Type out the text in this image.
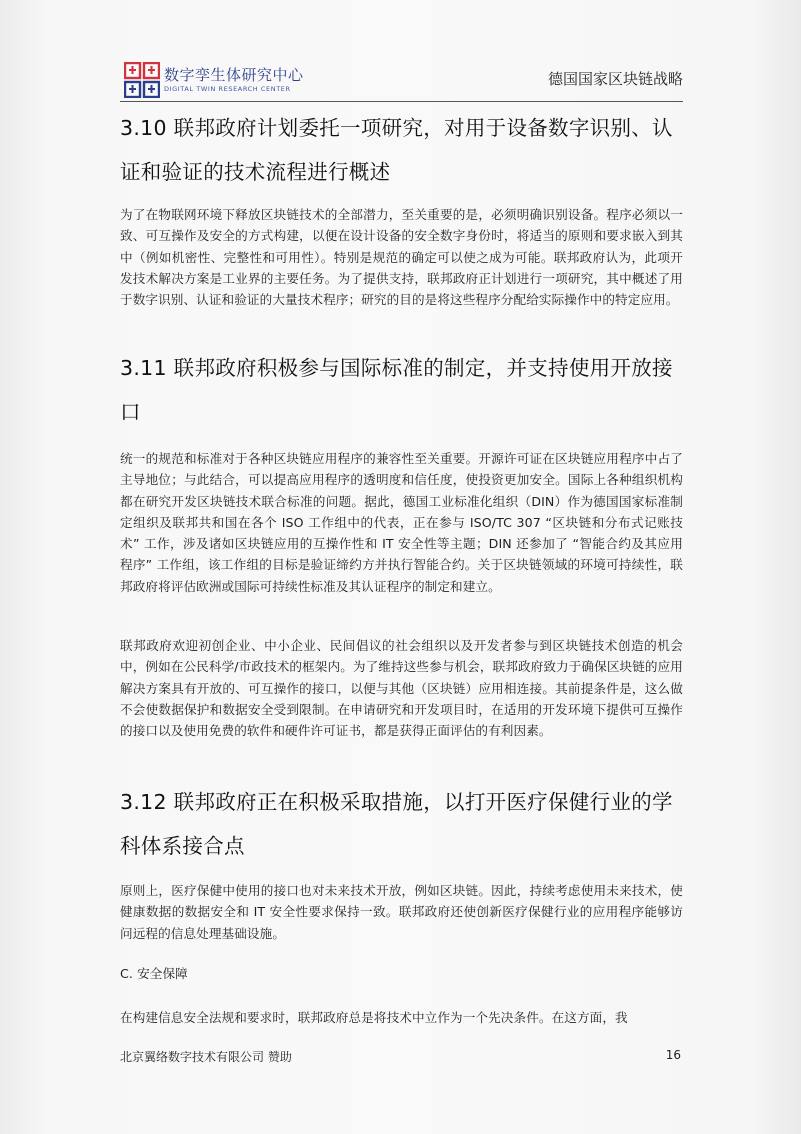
数字孪生体研究中心
DIGITAL TWIN RESEARCH CENTER
德国国家区块链战略
3.10 联邦政府计划委托一项研究，对用于设备数字识别、认证和验证的技术流程进行概述

为了在物联网环境下释放区块链技术的全部潜力，至关重要的是，必须明确识别设备。程序必须以一致、可互操作及安全的方式构建，以便在设计设备的安全数字身份时，将适当的原则和要求嵌入到其中（例如机密性、完整性和可用性）。特别是规范的确定可以使之成为可能。联邦政府认为，此项开发技术解决方案是工业界的主要任务。为了提供支持，联邦政府正计划进行一项研究，其中概述了用于数字识别、认证和验证的大量技术程序；研究的目的是将这些程序分配给实际操作中的特定应用。

3.11 联邦政府积极参与国际标准的制定，并支持使用开放接口

统一的规范和标准对于各种区块链应用程序的兼容性至关重要。开源许可证在区块链应用程序中占了主导地位；与此结合，可以提高应用程序的透明度和信任度，使投资更加安全。国际上各种组织机构都在研究开发区块链技术联合标准的问题。据此，德国工业标准化组织（DIN）作为德国国家标准制定组织及联邦共和国在各个 ISO 工作组中的代表，正在参与 ISO/TC 307 “区块链和分布式记账技术” 工作，涉及诸如区块链应用的互操作性和 IT 安全性等主题；DIN 还参加了 “智能合约及其应用程序” 工作组，该工作组的目标是验证缔约方并执行智能合约。关于区块链领域的环境可持续性，联邦政府将评估欧洲或国际可持续性标准及其认证程序的制定和建立。

联邦政府欢迎初创企业、中小企业、民间倡议的社会组织以及开发者参与到区块链技术创造的机会中，例如在公民科学/市政技术的框架内。为了维持这些参与机会，联邦政府致力于确保区块链的应用解决方案具有开放的、可互操作的接口，以便与其他（区块链）应用相连接。其前提条件是，这么做不会使数据保护和数据安全受到限制。在申请研究和开发项目时，在适用的开发环境下提供可互操作的接口以及使用免费的软件和硬件许可证书，都是获得正面评估的有利因素。

3.12 联邦政府正在积极采取措施，以打开医疗保健行业的学科体系接合点

原则上，医疗保健中使用的接口也对未来技术开放，例如区块链。因此，持续考虑使用未来技术，使健康数据的数据安全和 IT 安全性要求保持一致。联邦政府还使创新医疗保健行业的应用程序能够访问远程的信息处理基础设施。

C. 安全保障

在构建信息安全法规和要求时，联邦政府总是将技术中立作为一个先决条件。在这方面，我

北京翼络数字技术有限公司 赞助	16
